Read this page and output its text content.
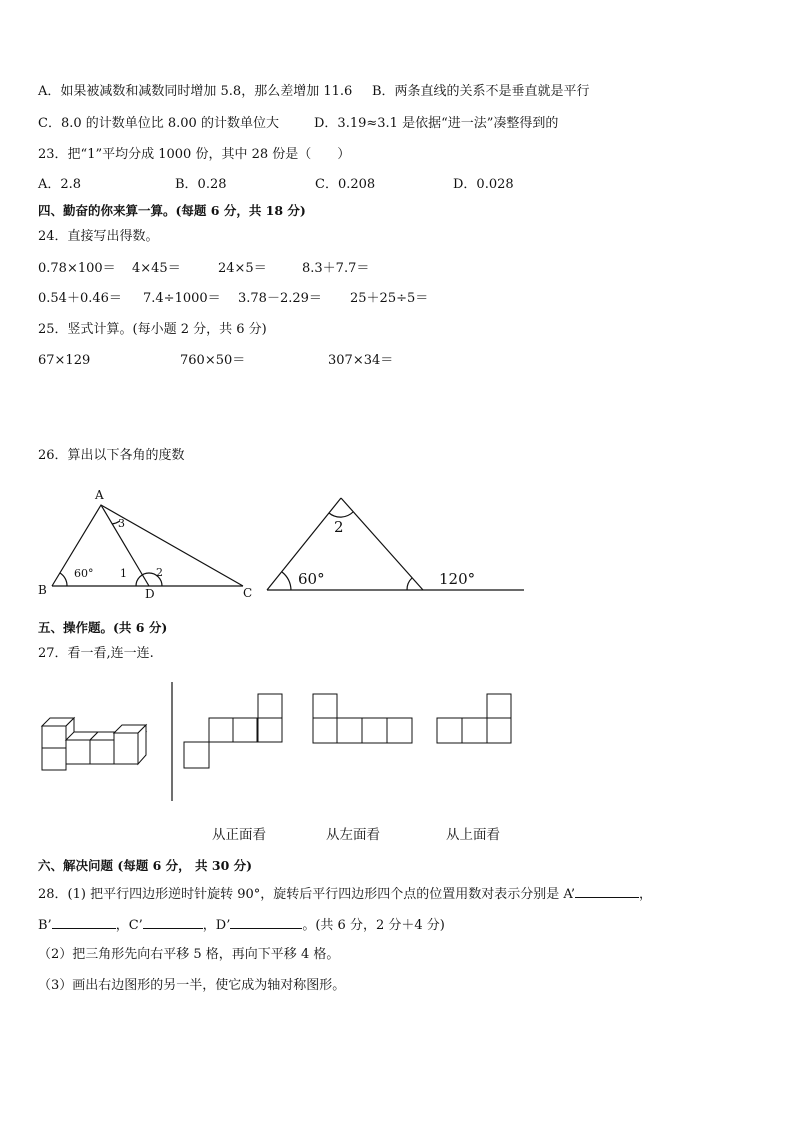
A．如果被减数和减数同时增加 5.8，那么差增加 11.6 B．两条直线的关系不是垂直就是平行
C．8.0 的计数单位比 8.00 的计数单位大	D．3.19≈3.1 是依据“进一法”凑整得到的
23．把“1”平均分成 1000 份，其中 28 份是（　　）
A．2.8	B．0.28	C．0.208	D．0.028
四、勤奋的你来算一算。(每题 6 分，共 18 分)
24．直接写出得数。
0.78×100＝ 4×45＝	24×5＝	8.3＋7.7＝
0.54＋0.46＝ 7.4÷1000＝ 3.78－2.29＝ 25＋25÷5＝
25．竖式计算。(每小题 2 分，共 6 分)
67×129	760×50＝	307×34＝
26．算出以下各角的度数
A
B	C
D
60° 1	2
3	2
60°	120°
五、操作题。(共 6 分)
27．看一看,连一连.
从正面看	从左面看	从上面看
六、解决问题 (每题 6 分， 共 30 分)
28．(1) 把平行四边形逆时针旋转 90°，旋转后平行四边形四个点的位置用数对表示分别是 A’	，
B’	，C’	，D’	。(共 6 分，2 分＋4 分)
（2）把三角形先向右平移 5 格，再向下平移 4 格。
（3）画出右边图形的另一半，使它成为轴对称图形。
